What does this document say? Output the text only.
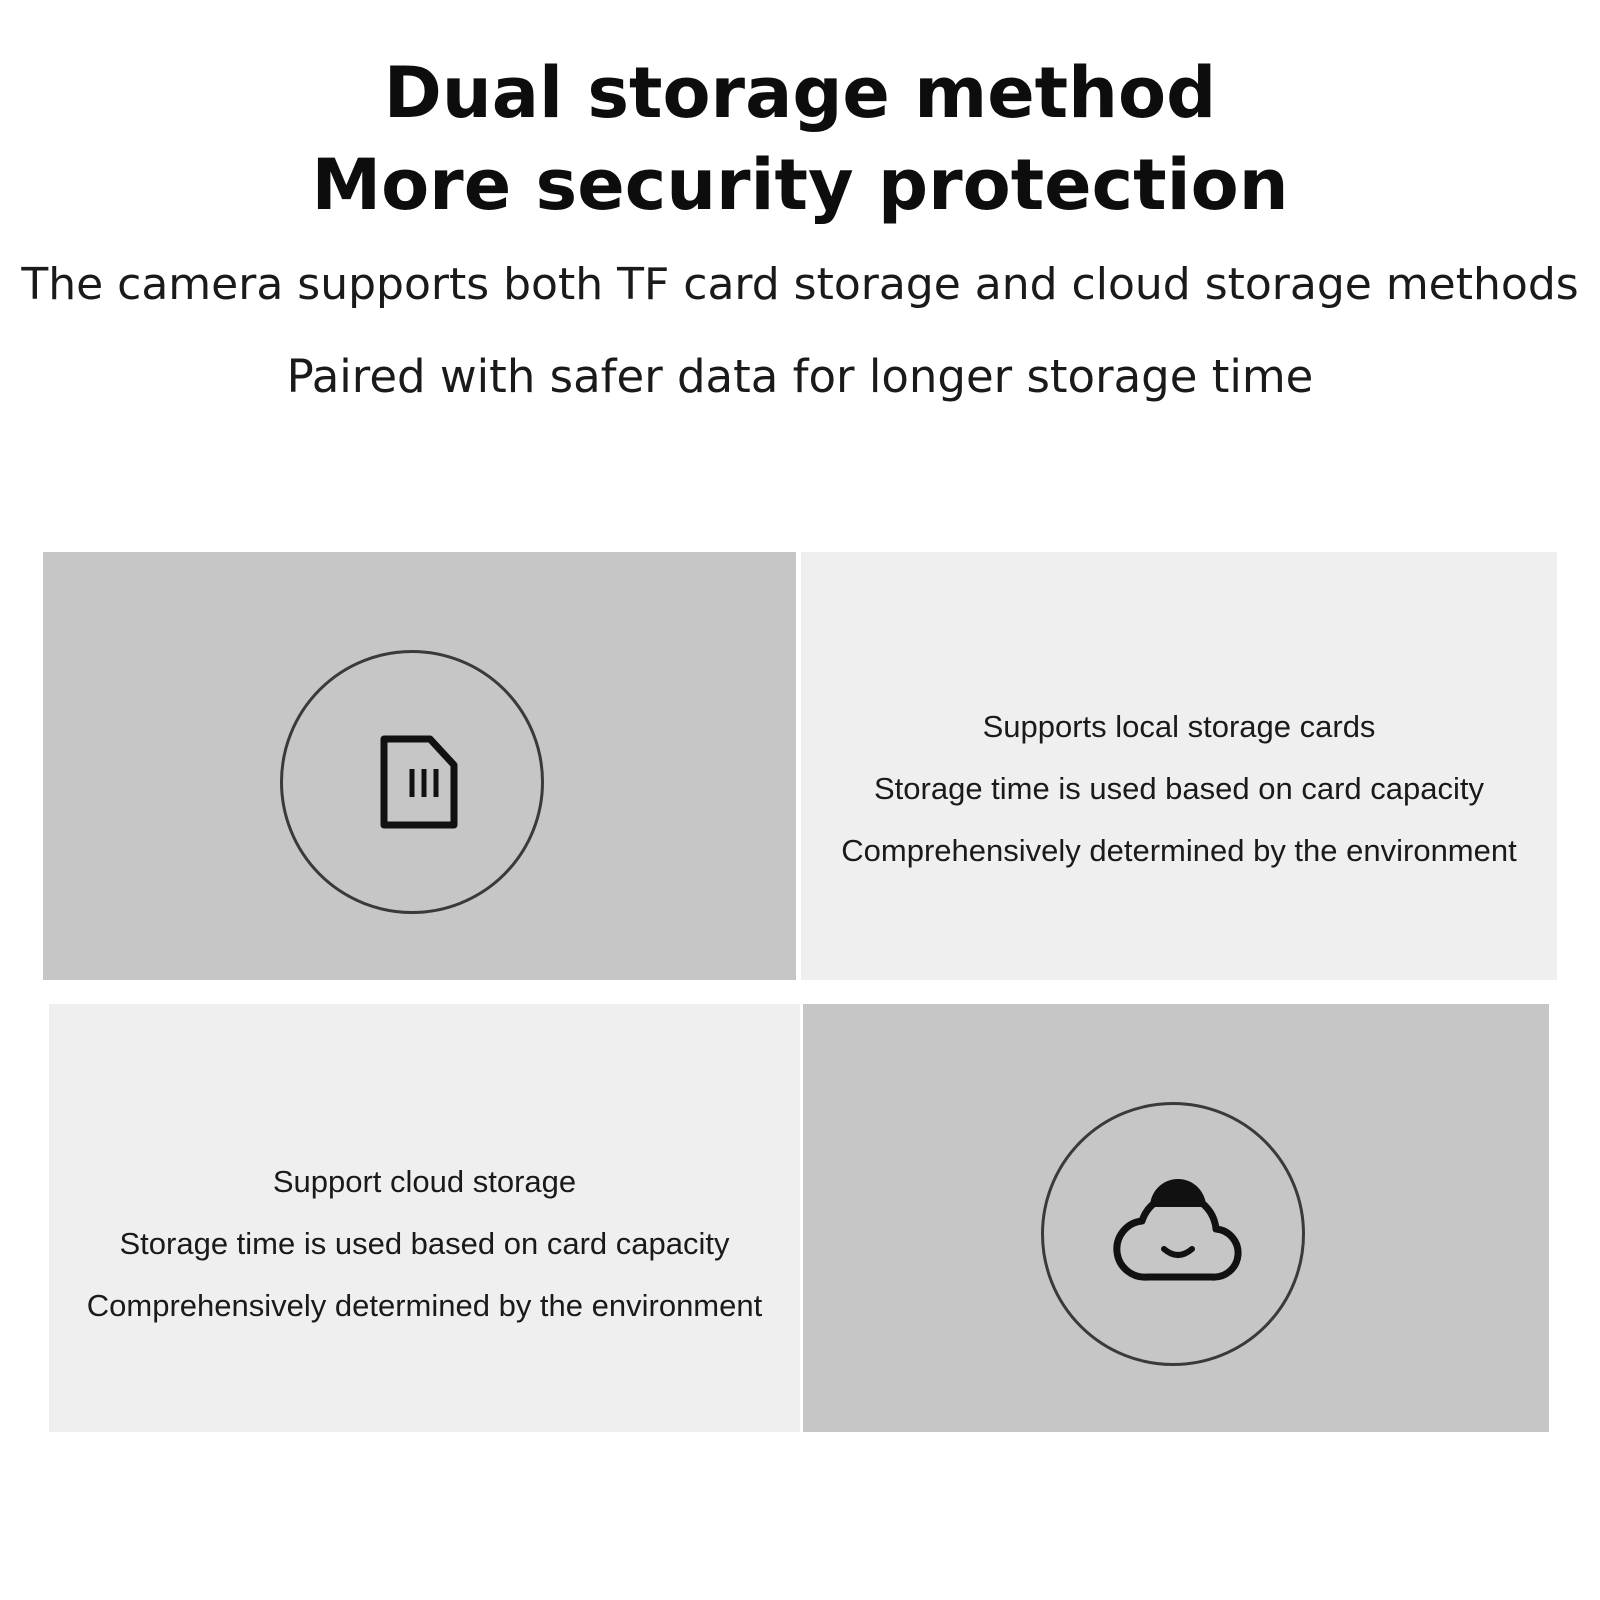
Dual storage method
More security protection
The camera supports both TF card storage and cloud storage methods
Paired with safer data for longer storage time
Supports local storage cards
Storage time is used based on card capacity
Comprehensively determined by the environment
Support cloud storage
Storage time is used based on card capacity
Comprehensively determined by the environment
